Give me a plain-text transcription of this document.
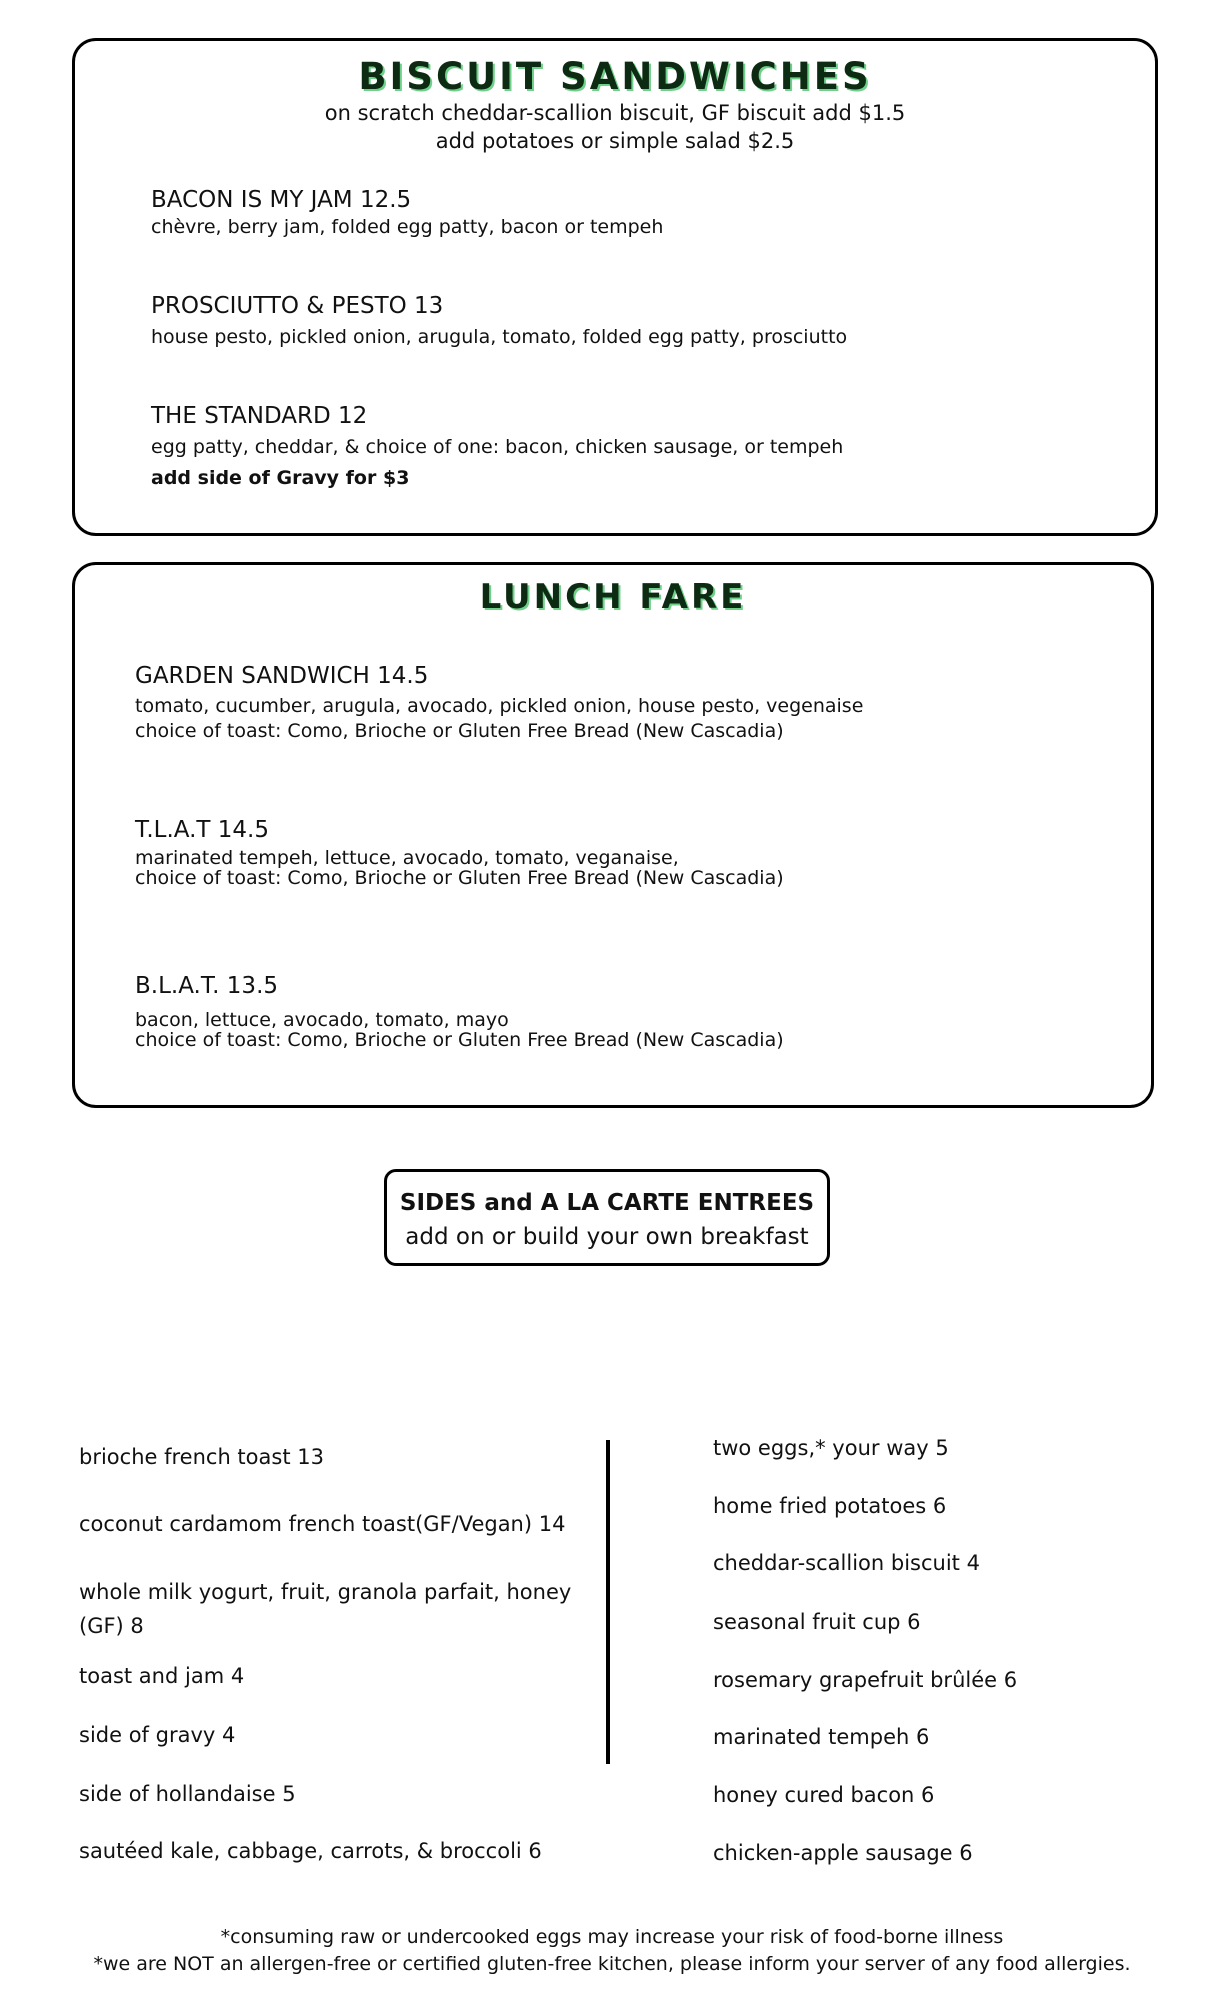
BISCUIT SANDWICHES
on scratch cheddar-scallion biscuit, GF biscuit add $1.5
add potatoes or simple salad $2.5
BACON IS MY JAM 12.5
chèvre, berry jam, folded egg patty, bacon or tempeh
PROSCIUTTO & PESTO 13
house pesto, pickled onion, arugula, tomato, folded egg patty, prosciutto
THE STANDARD 12
egg patty, cheddar, & choice of one: bacon, chicken sausage, or tempeh
add side of Gravy for $3
LUNCH FARE
GARDEN SANDWICH 14.5
tomato, cucumber, arugula, avocado, pickled onion, house pesto, vegenaise
choice of toast: Como, Brioche or Gluten Free Bread (New Cascadia)
T.L.A.T 14.5
marinated tempeh, lettuce, avocado, tomato, veganaise,
choice of toast: Como, Brioche or Gluten Free Bread (New Cascadia)
B.L.A.T. 13.5
bacon, lettuce, avocado, tomato, mayo
choice of toast: Como, Brioche or Gluten Free Bread (New Cascadia)
SIDES and A LA CARTE ENTREES
add on or build your own breakfast
brioche french toast 13
coconut cardamom french toast(GF/Vegan) 14
whole milk yogurt, fruit, granola parfait, honey (GF) 8
toast and jam 4
side of gravy 4
side of hollandaise 5
sautéed kale, cabbage, carrots, & broccoli 6
two eggs,* your way 5
home fried potatoes 6
cheddar-scallion biscuit 4
seasonal fruit cup 6
rosemary grapefruit brûlée 6
marinated tempeh 6
honey cured bacon 6
chicken-apple sausage 6
*consuming raw or undercooked eggs may increase your risk of food-borne illness
*we are NOT an allergen-free or certified gluten-free kitchen, please inform your server of any food allergies.
